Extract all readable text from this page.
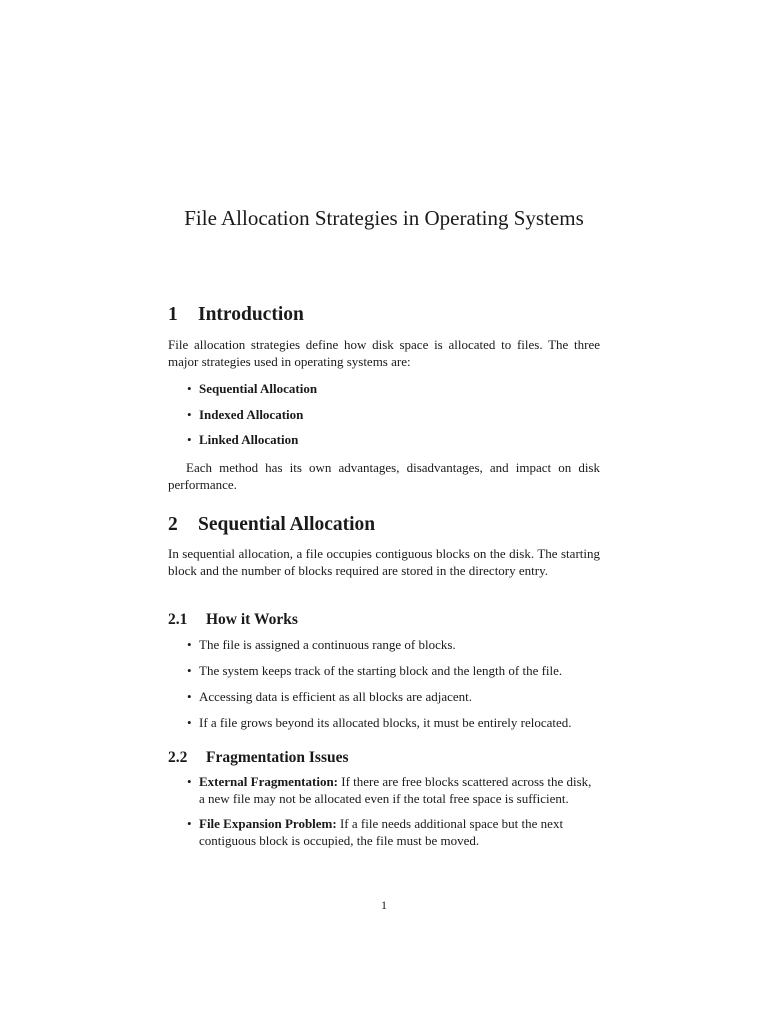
File Allocation Strategies in Operating Systems
1 Introduction

File allocation strategies define how disk space is allocated to files. The three major strategies used in operating systems are:

• Sequential Allocation
• Indexed Allocation
• Linked Allocation

Each method has its own advantages, disadvantages, and impact on disk performance.

2 Sequential Allocation

In sequential allocation, a file occupies contiguous blocks on the disk. The starting block and the number of blocks required are stored in the directory entry.

2.1 How it Works
• The file is assigned a continuous range of blocks.
• The system keeps track of the starting block and the length of the file.
• Accessing data is efficient as all blocks are adjacent.
• If a file grows beyond its allocated blocks, it must be entirely relocated.
2.2 Fragmentation Issues
• External Fragmentation: If there are free blocks scattered across the disk, a new file may not be allocated even if the total free space is sufficient.
• File Expansion Problem: If a file needs additional space but the next contiguous block is occupied, the file must be moved.
1
